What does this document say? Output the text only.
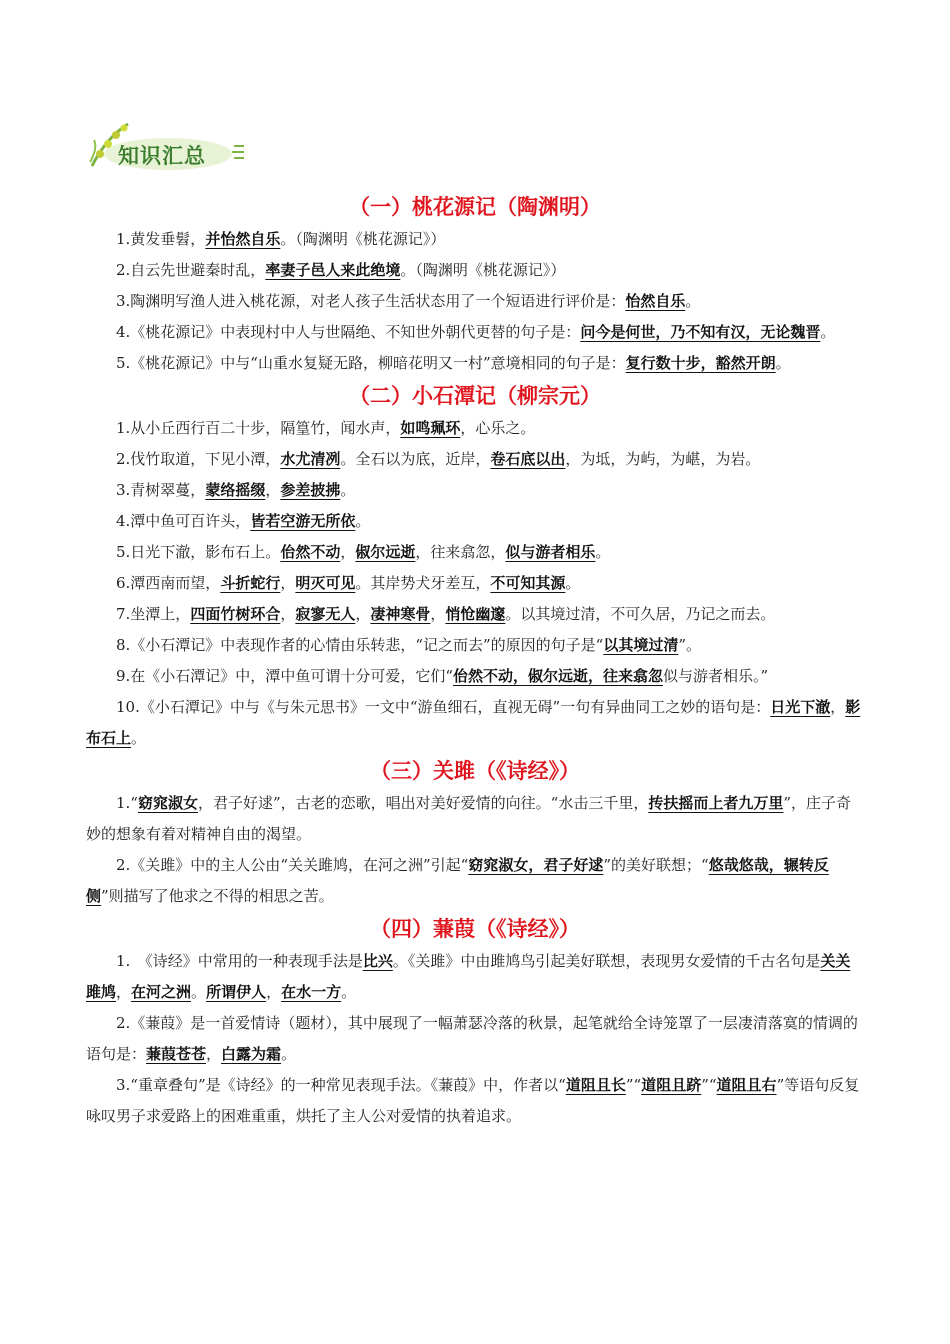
知识汇总
（一）桃花源记（陶渊明）

1.黄发垂髫，并怡然自乐。（陶渊明《桃花源记》）

2.自云先世避秦时乱，率妻子邑人来此绝境。（陶渊明《桃花源记》）

3.陶渊明写渔人进入桃花源，对老人孩子生活状态用了一个短语进行评价是：怡然自乐。

4.《桃花源记》中表现村中人与世隔绝、不知世外朝代更替的句子是：问今是何世，乃不知有汉，无论魏晋。

5.《桃花源记》中与“山重水复疑无路，柳暗花明又一村”意境相同的句子是：复行数十步，豁然开朗。

（二）小石潭记（柳宗元）

1.从小丘西行百二十步，隔篁竹，闻水声，如鸣珮环，心乐之。

2.伐竹取道，下见小潭，水尤清冽。全石以为底，近岸，卷石底以出，为坻，为屿，为嵁，为岩。

3.青树翠蔓，蒙络摇缀，参差披拂。

4.潭中鱼可百许头，皆若空游无所依。

5.日光下澈，影布石上。佁然不动，俶尔远逝，往来翕忽，似与游者相乐。

6.潭西南而望，斗折蛇行，明灭可见。其岸势犬牙差互，不可知其源。

7.坐潭上，四面竹树环合，寂寥无人，凄神寒骨，悄怆幽邃。以其境过清，不可久居，乃记之而去。

8.《小石潭记》中表现作者的心情由乐转悲，“记之而去”的原因的句子是“以其境过清”。

9.在《小石潭记》中，潭中鱼可谓十分可爱，它们“佁然不动，俶尔远逝，往来翕忽似与游者相乐。”

10.《小石潭记》中与《与朱元思书》一文中“游鱼细石，直视无碍”一句有异曲同工之妙的语句是：日光下澈，影布石上。

（三）关雎（《诗经》）

1.“窈窕淑女，君子好逑”，古老的恋歌，唱出对美好爱情的向往。“水击三千里，抟扶摇而上者九万里”，庄子奇妙的想象有着对精神自由的渴望。

2.《关雎》中的主人公由“关关雎鸠，在河之洲”引起“窈窕淑女，君子好逑”的美好联想；“悠哉悠哉，辗转反侧”则描写了他求之不得的相思之苦。

（四）蒹葭（《诗经》）

1.　《诗经》中常用的一种表现手法是比兴。《关雎》中由雎鸠鸟引起美好联想，表现男女爱情的千古名句是关关雎鸠，在河之洲。所谓伊人，在水一方。

2.《蒹葭》是一首爱情诗（题材），其中展现了一幅萧瑟冷落的秋景，起笔就给全诗笼罩了一层凄清落寞的情调的语句是：蒹葭苍苍，白露为霜。

3.“重章叠句”是《诗经》的一种常见表现手法。《蒹葭》中，作者以“道阻且长”“道阻且跻”“道阻且右”等语句反复咏叹男子求爱路上的困难重重，烘托了主人公对爱情的执着追求。
